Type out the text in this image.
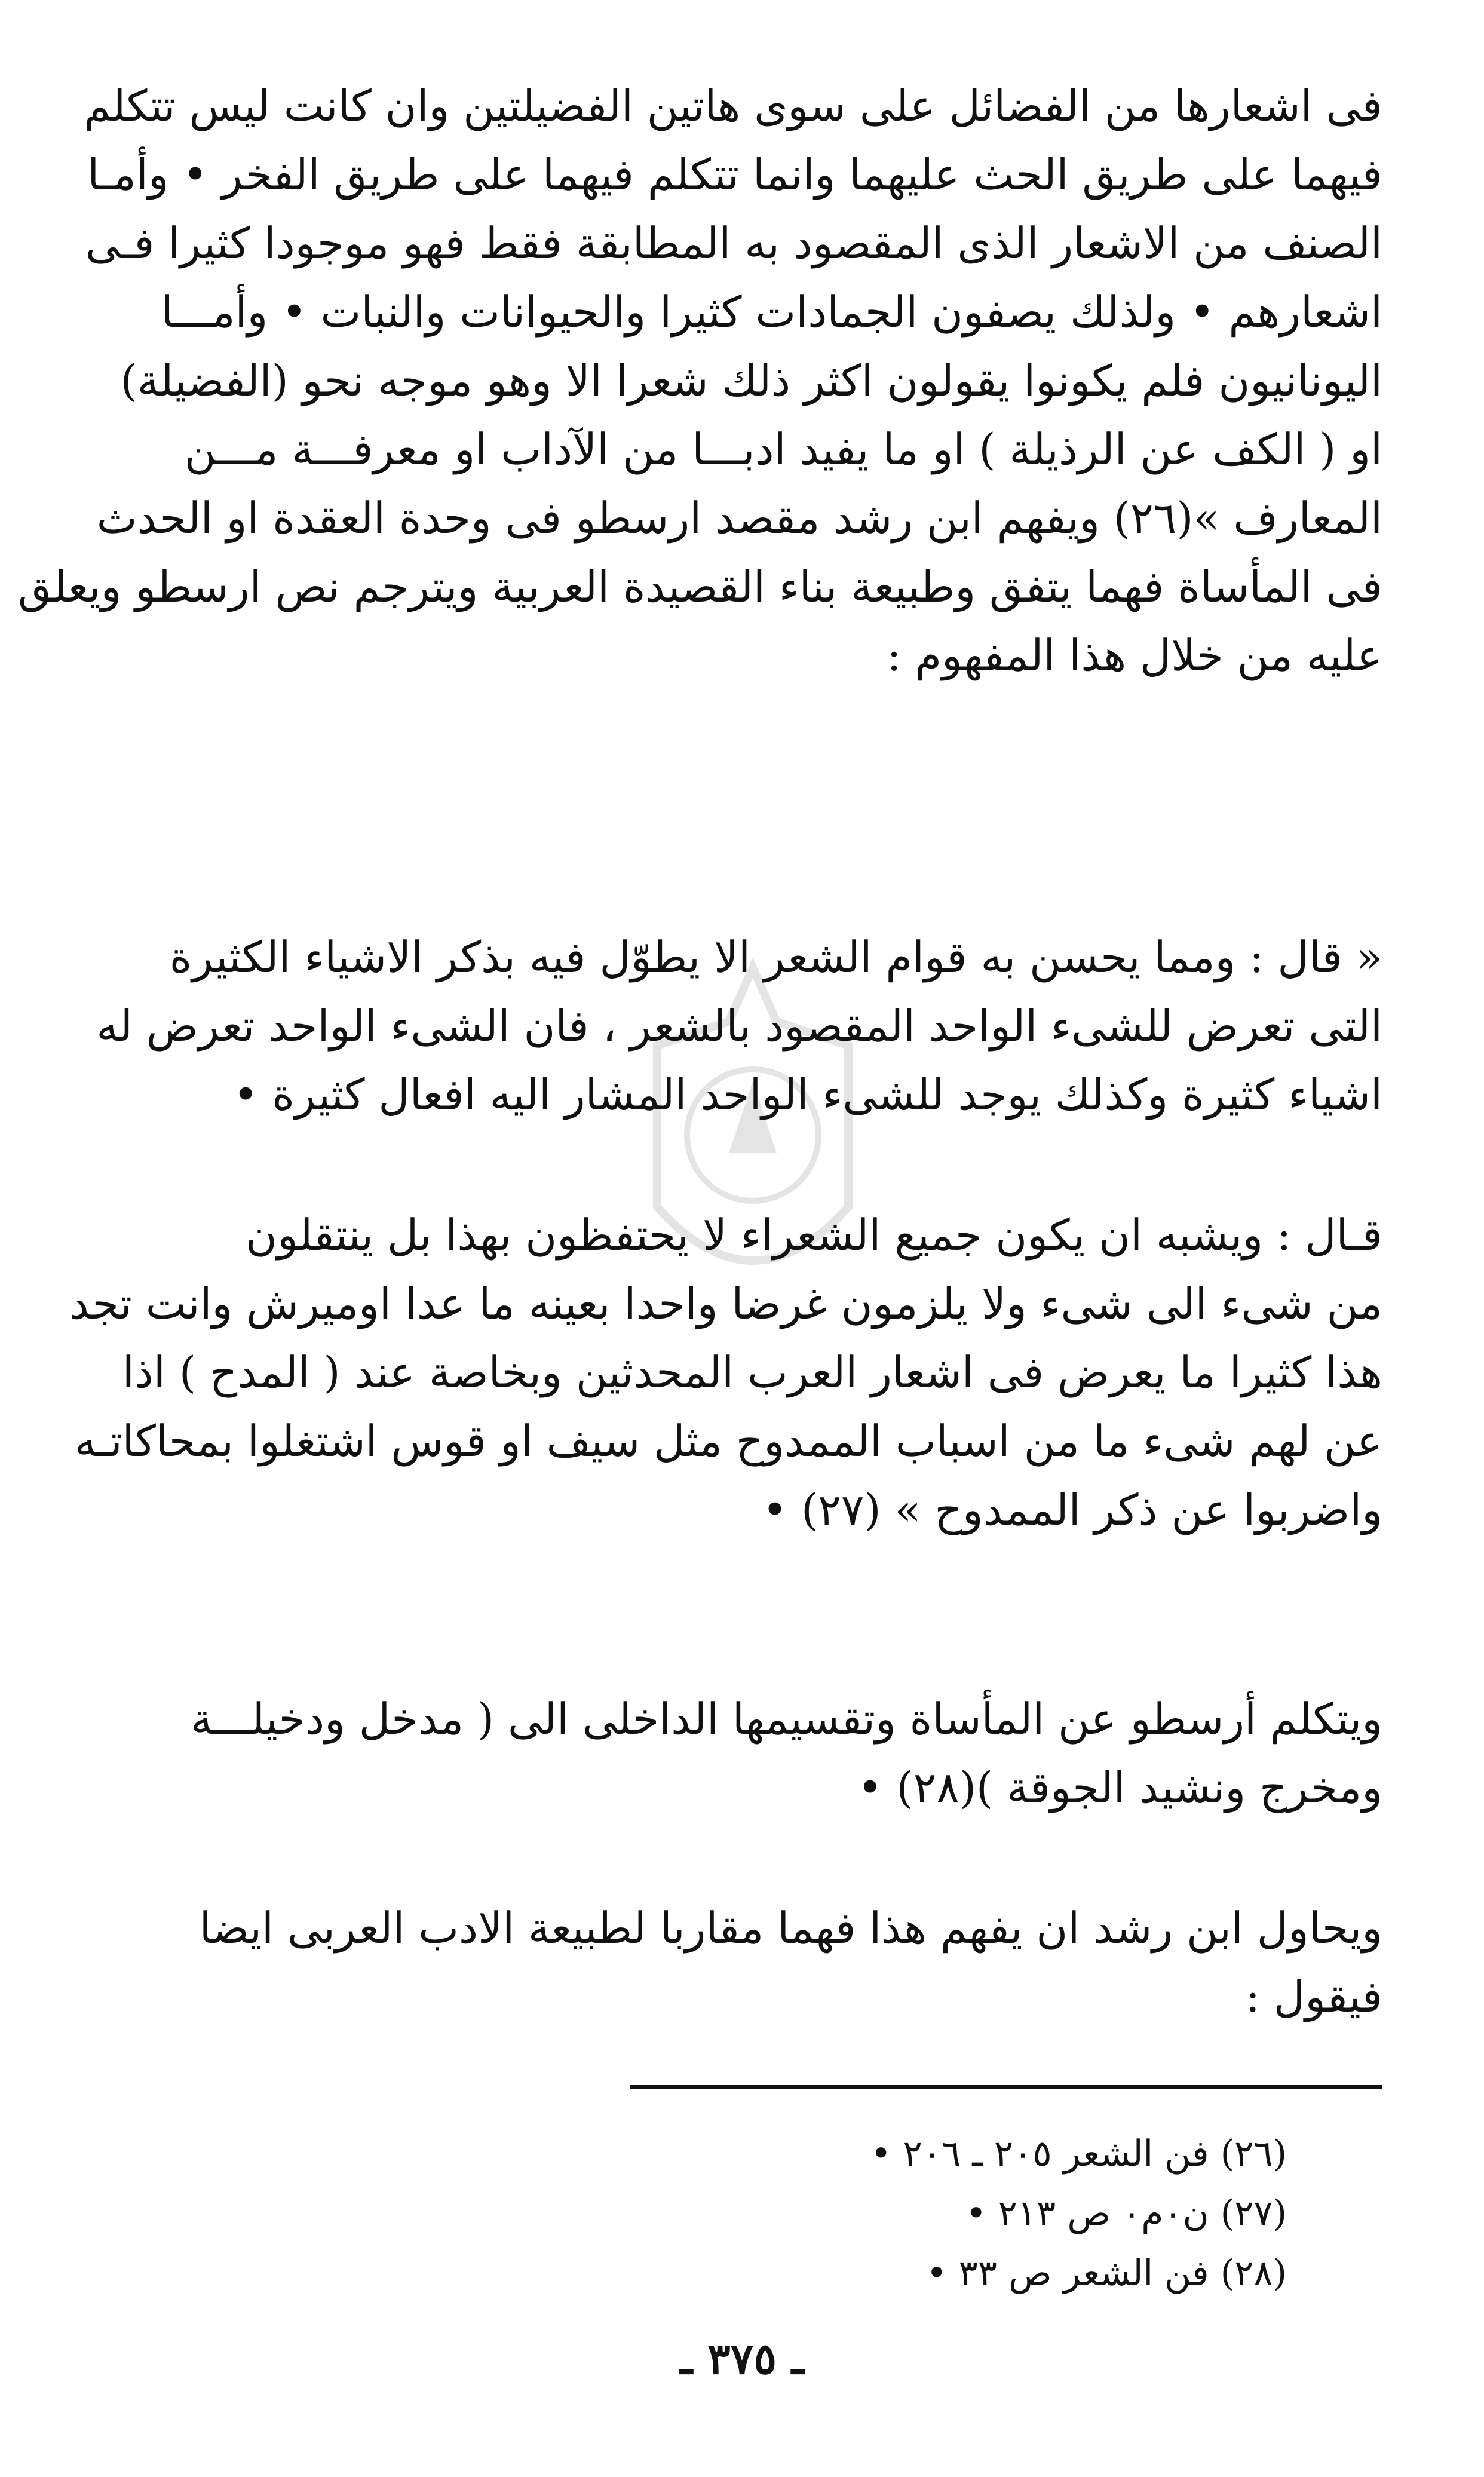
فى اشعارها من الفضائل على سوى هاتين الفضيلتين وان كانت ليس تتكلم
فيهما على طريق الحث عليهما وانما تتكلم فيهما على طريق الفخر • وأمـا
الصنف من الاشعار الذى المقصود به المطابقة فقط فهو موجودا كثيرا فـى
اشعارهم • ولذلك يصفون الجمادات كثيرا والحيوانات والنبات • وأمـــا
اليونانيون فلم يكونوا يقولون اكثر ذلك شعرا الا وهو موجه نحو (الفضيلة)
او ( الكف عن الرذيلة ) او ما يفيد ادبـــا من الآداب او معرفـــة مـــن
المعارف »(٢٦) ويفهم ابن رشد مقصد ارسطو فى وحدة العقدة او الحدث
فى المأساة فهما يتفق وطبيعة بناء القصيدة العربية ويترجم نص ارسطو ويعلق
عليه من خلال هذا المفهوم :
« قال : ومما يحسن به قوام الشعر الا يطوّل فيه بذكر الاشياء الكثيرة
التى تعرض للشىء الواحد المقصود بالشعر ، فان الشىء الواحد تعرض له
اشياء كثيرة وكذلك يوجد للشىء الواحد المشار اليه افعال كثيرة •
قـال : ويشبه ان يكون جميع الشعراء لا يحتفظون بهذا بل ينتقلون
من شىء الى شىء ولا يلزمون غرضا واحدا بعينه ما عدا اوميرش وانت تجد
هذا كثيرا ما يعرض فى اشعار العرب المحدثين وبخاصة عند ( المدح ) اذا
عن لهم شىء ما من اسباب الممدوح مثل سيف او قوس اشتغلوا بمحاكاتـه
واضربوا عن ذكر الممدوح » (٢٧) •
ويتكلم أرسطو عن المأساة وتقسيمها الداخلى الى ( مدخل ودخيلـــة
ومخرج ونشيد الجوقة )(٢٨) •
ويحاول ابن رشد ان يفهم هذا فهما مقاربا لطبيعة الادب العربى ايضا
فيقول :
(٢٦) فن الشعر ٢٠٥ ـ ٢٠٦ •
(٢٧) ن٠م٠ ص ٢١٣ •
(٢٨) فن الشعر ص ٣٣ •
ـ ٣٧٥ ـ
